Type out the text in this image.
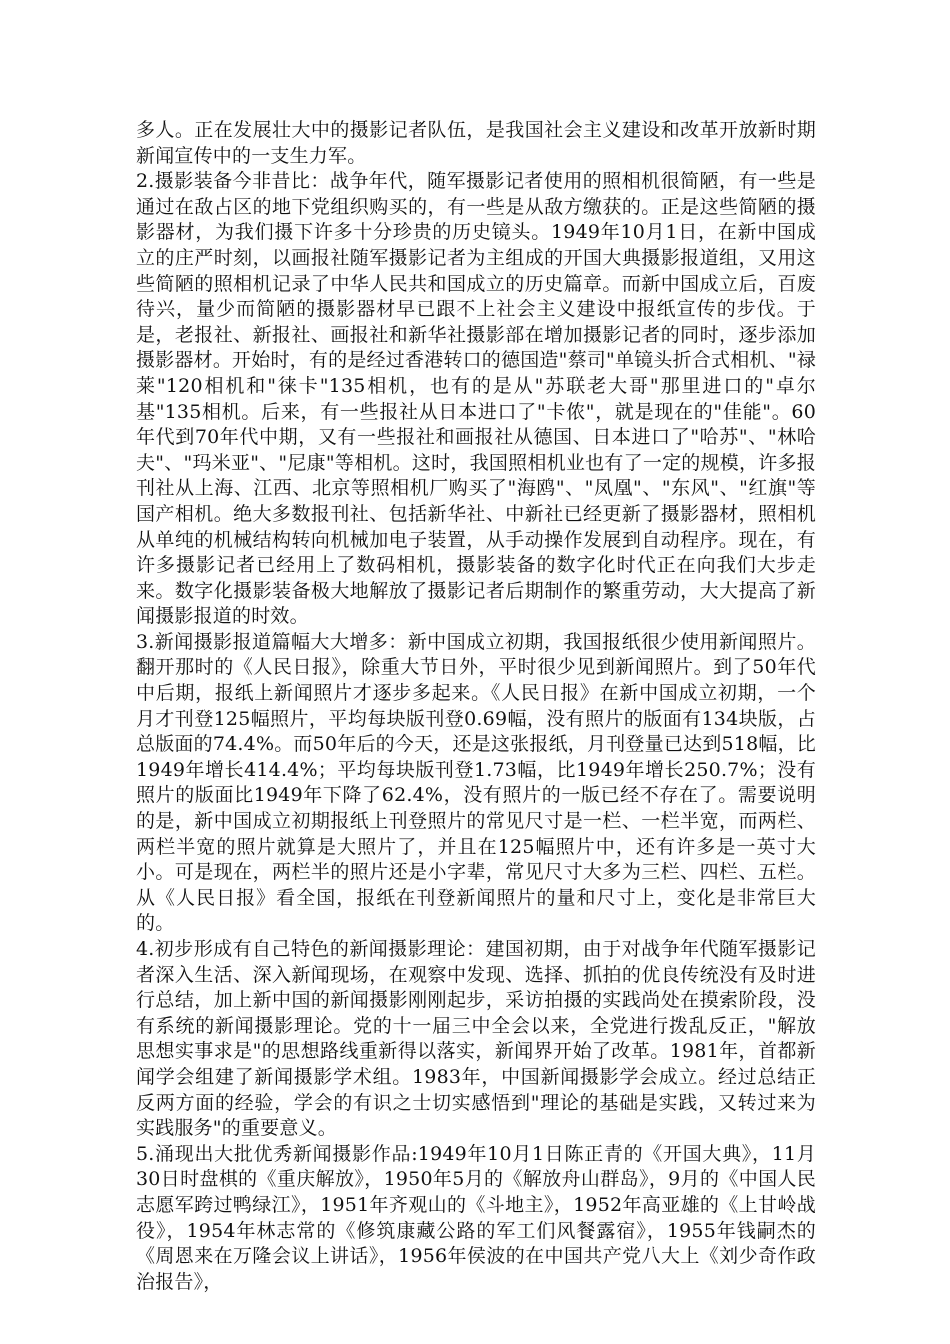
多人。正在发展壮大中的摄影记者队伍，是我国社会主义建设和改革开放新时期新闻宣传中的一支生力军。

2.摄影装备今非昔比：战争年代，随军摄影记者使用的照相机很简陋，有一些是通过在敌占区的地下党组织购买的，有一些是从敌方缴获的。正是这些简陋的摄影器材，为我们摄下许多十分珍贵的历史镜头。1949年10月1日，在新中国成立的庄严时刻，以画报社随军摄影记者为主组成的开国大典摄影报道组，又用这些简陋的照相机记录了中华人民共和国成立的历史篇章。而新中国成立后，百废待兴，量少而简陋的摄影器材早已跟不上社会主义建设中报纸宣传的步伐。于是，老报社、新报社、画报社和新华社摄影部在增加摄影记者的同时，逐步添加摄影器材。开始时，有的是经过香港转口的德国造"蔡司"单镜头折合式相机、"禄莱"120相机和"徕卡"135相机，也有的是从"苏联老大哥"那里进口的"卓尔基"135相机。后来，有一些报社从日本进口了"卡侬"，就是现在的"佳能"。60年代到70年代中期，又有一些报社和画报社从德国、日本进口了"哈苏"、"林哈夫"、"玛米亚"、"尼康"等相机。这时，我国照相机业也有了一定的规模，许多报刊社从上海、江西、北京等照相机厂购买了"海鸥"、"凤凰"、"东风"、"红旗"等国产相机。绝大多数报刊社、包括新华社、中新社已经更新了摄影器材，照相机从单纯的机械结构转向机械加电子装置，从手动操作发展到自动程序。现在，有许多摄影记者已经用上了数码相机，摄影装备的数字化时代正在向我们大步走来。数字化摄影装备极大地解放了摄影记者后期制作的繁重劳动，大大提高了新闻摄影报道的时效。

3.新闻摄影报道篇幅大大增多：新中国成立初期，我国报纸很少使用新闻照片。翻开那时的《人民日报》，除重大节日外，平时很少见到新闻照片。到了50年代中后期，报纸上新闻照片才逐步多起来。《人民日报》在新中国成立初期，一个月才刊登125幅照片，平均每块版刊登0.69幅，没有照片的版面有134块版，占总版面的74.4%。而50年后的今天，还是这张报纸，月刊登量已达到518幅，比1949年增长414.4%；平均每块版刊登1.73幅，比1949年增长250.7%；没有照片的版面比1949年下降了62.4%，没有照片的一版已经不存在了。需要说明的是，新中国成立初期报纸上刊登照片的常见尺寸是一栏、一栏半宽，而两栏、两栏半宽的照片就算是大照片了，并且在125幅照片中，还有许多是一英寸大小。可是现在，两栏半的照片还是小字辈，常见尺寸大多为三栏、四栏、五栏。从《人民日报》看全国，报纸在刊登新闻照片的量和尺寸上，变化是非常巨大的。

4.初步形成有自己特色的新闻摄影理论：建国初期，由于对战争年代随军摄影记者深入生活、深入新闻现场，在观察中发现、选择、抓拍的优良传统没有及时进行总结，加上新中国的新闻摄影刚刚起步，采访拍摄的实践尚处在摸索阶段，没有系统的新闻摄影理论。党的十一届三中全会以来，全党进行拨乱反正，"解放思想实事求是"的思想路线重新得以落实，新闻界开始了改革。1981年，首都新闻学会组建了新闻摄影学术组。1983年，中国新闻摄影学会成立。经过总结正反两方面的经验，学会的有识之士切实感悟到"理论的基础是实践，又转过来为实践服务"的重要意义。

5.涌现出大批优秀新闻摄影作品:1949年10月1日陈正青的《开国大典》，11月30日时盘棋的《重庆解放》，1950年5月的《解放舟山群岛》，9月的《中国人民志愿军跨过鸭绿江》，1951年齐观山的《斗地主》，1952年高亚雄的《上甘岭战役》，1954年林志常的《修筑康藏公路的军工们风餐露宿》，1955年钱嗣杰的《周恩来在万隆会议上讲话》，1956年侯波的在中国共产党八大上《刘少奇作政治报告》，
